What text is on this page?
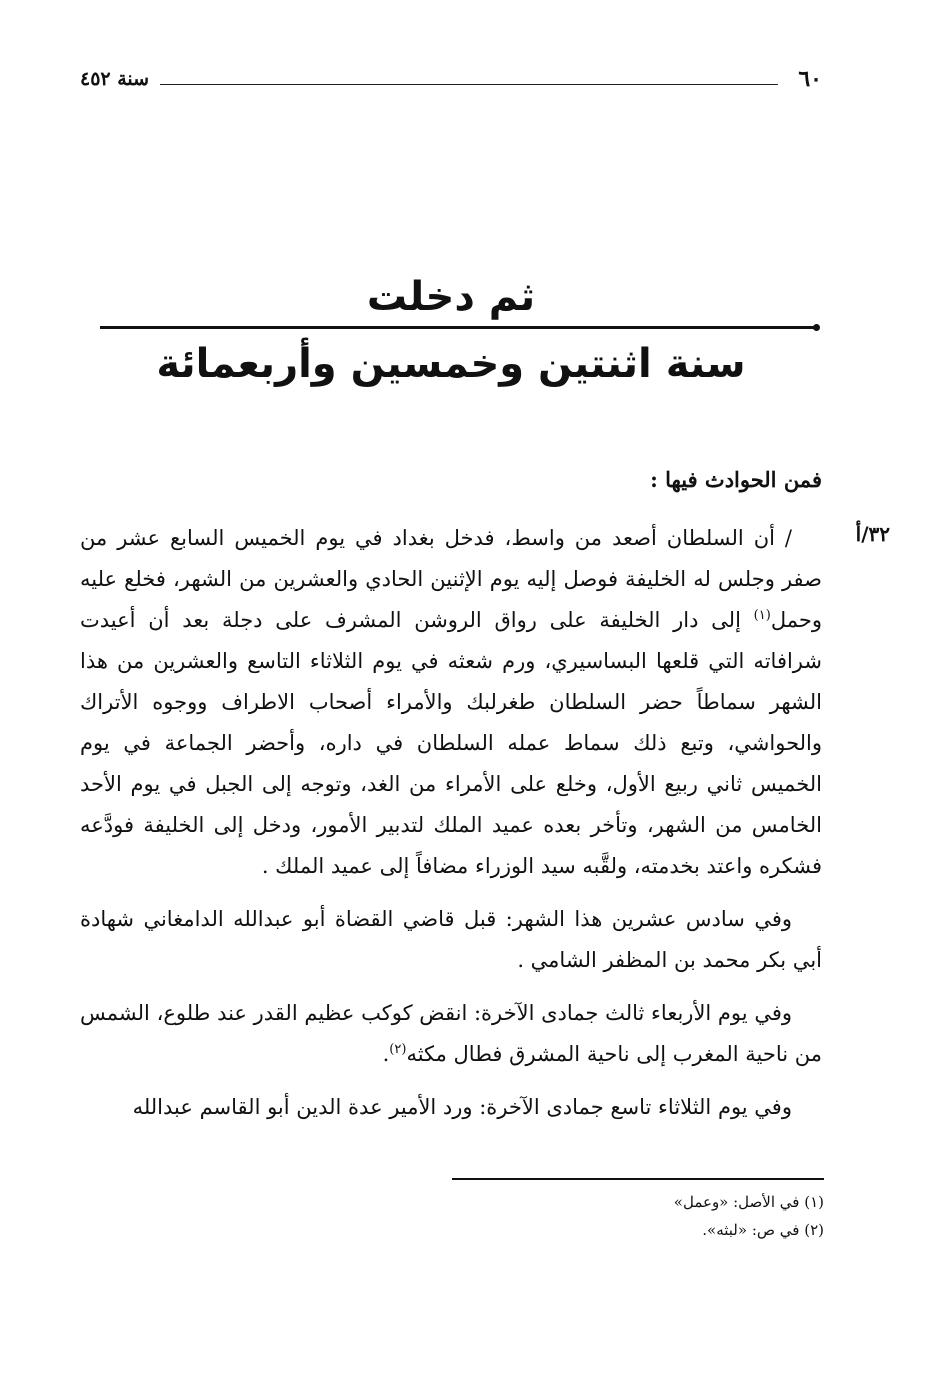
٦٠
سنة ٤٥٢
ثم دخلت
سنة اثنتين وخمسين وأربعمائة
فمن الحوادث فيها :
٣٢/أ

/ أن السلطان أصعد من واسط، فدخل بغداد في يوم الخميس السابع عشر من صفر وجلس له الخليفة فوصل إليه يوم الإثنين الحادي والعشرين من الشهر، فخلع عليه وحمل$^{(١)}$ إلى دار الخليفة على رواق الروشن المشرف على دجلة بعد أن أعيدت شرافاته التي قلعها البساسيري، ورم شعثه في يوم الثلاثاء التاسع والعشرين من هذا الشهر سماطاً حضر السلطان طغرلبك والأمراء أصحاب الاطراف ووجوه الأتراك والحواشي، وتبع ذلك سماط عمله السلطان في داره، وأحضر الجماعة في يوم الخميس ثاني ربيع الأول، وخلع على الأمراء من الغد، وتوجه إلى الجبل في يوم الأحد الخامس من الشهر، وتأخر بعده عميد الملك لتدبير الأمور، ودخل إلى الخليفة فودَّعه فشكره واعتد بخدمته، ولقَّبه سيد الوزراء مضافاً إلى عميد الملك .

وفي سادس عشرين هذا الشهر: قبل قاضي القضاة أبو عبدالله الدامغاني شهادة أبي بكر محمد بن المظفر الشامي .

وفي يوم الأربعاء ثالث جمادى الآخرة: انقض كوكب عظيم القدر عند طلوع، الشمس من ناحية المغرب إلى ناحية المشرق فطال مكثه$^{(٢)}$.

وفي يوم الثلاثاء تاسع جمادى الآخرة: ورد الأمير عدة الدين أبو القاسم عبدالله

(١) في الأصل: «وعمل»
(٢) في ص: «لبثه».
